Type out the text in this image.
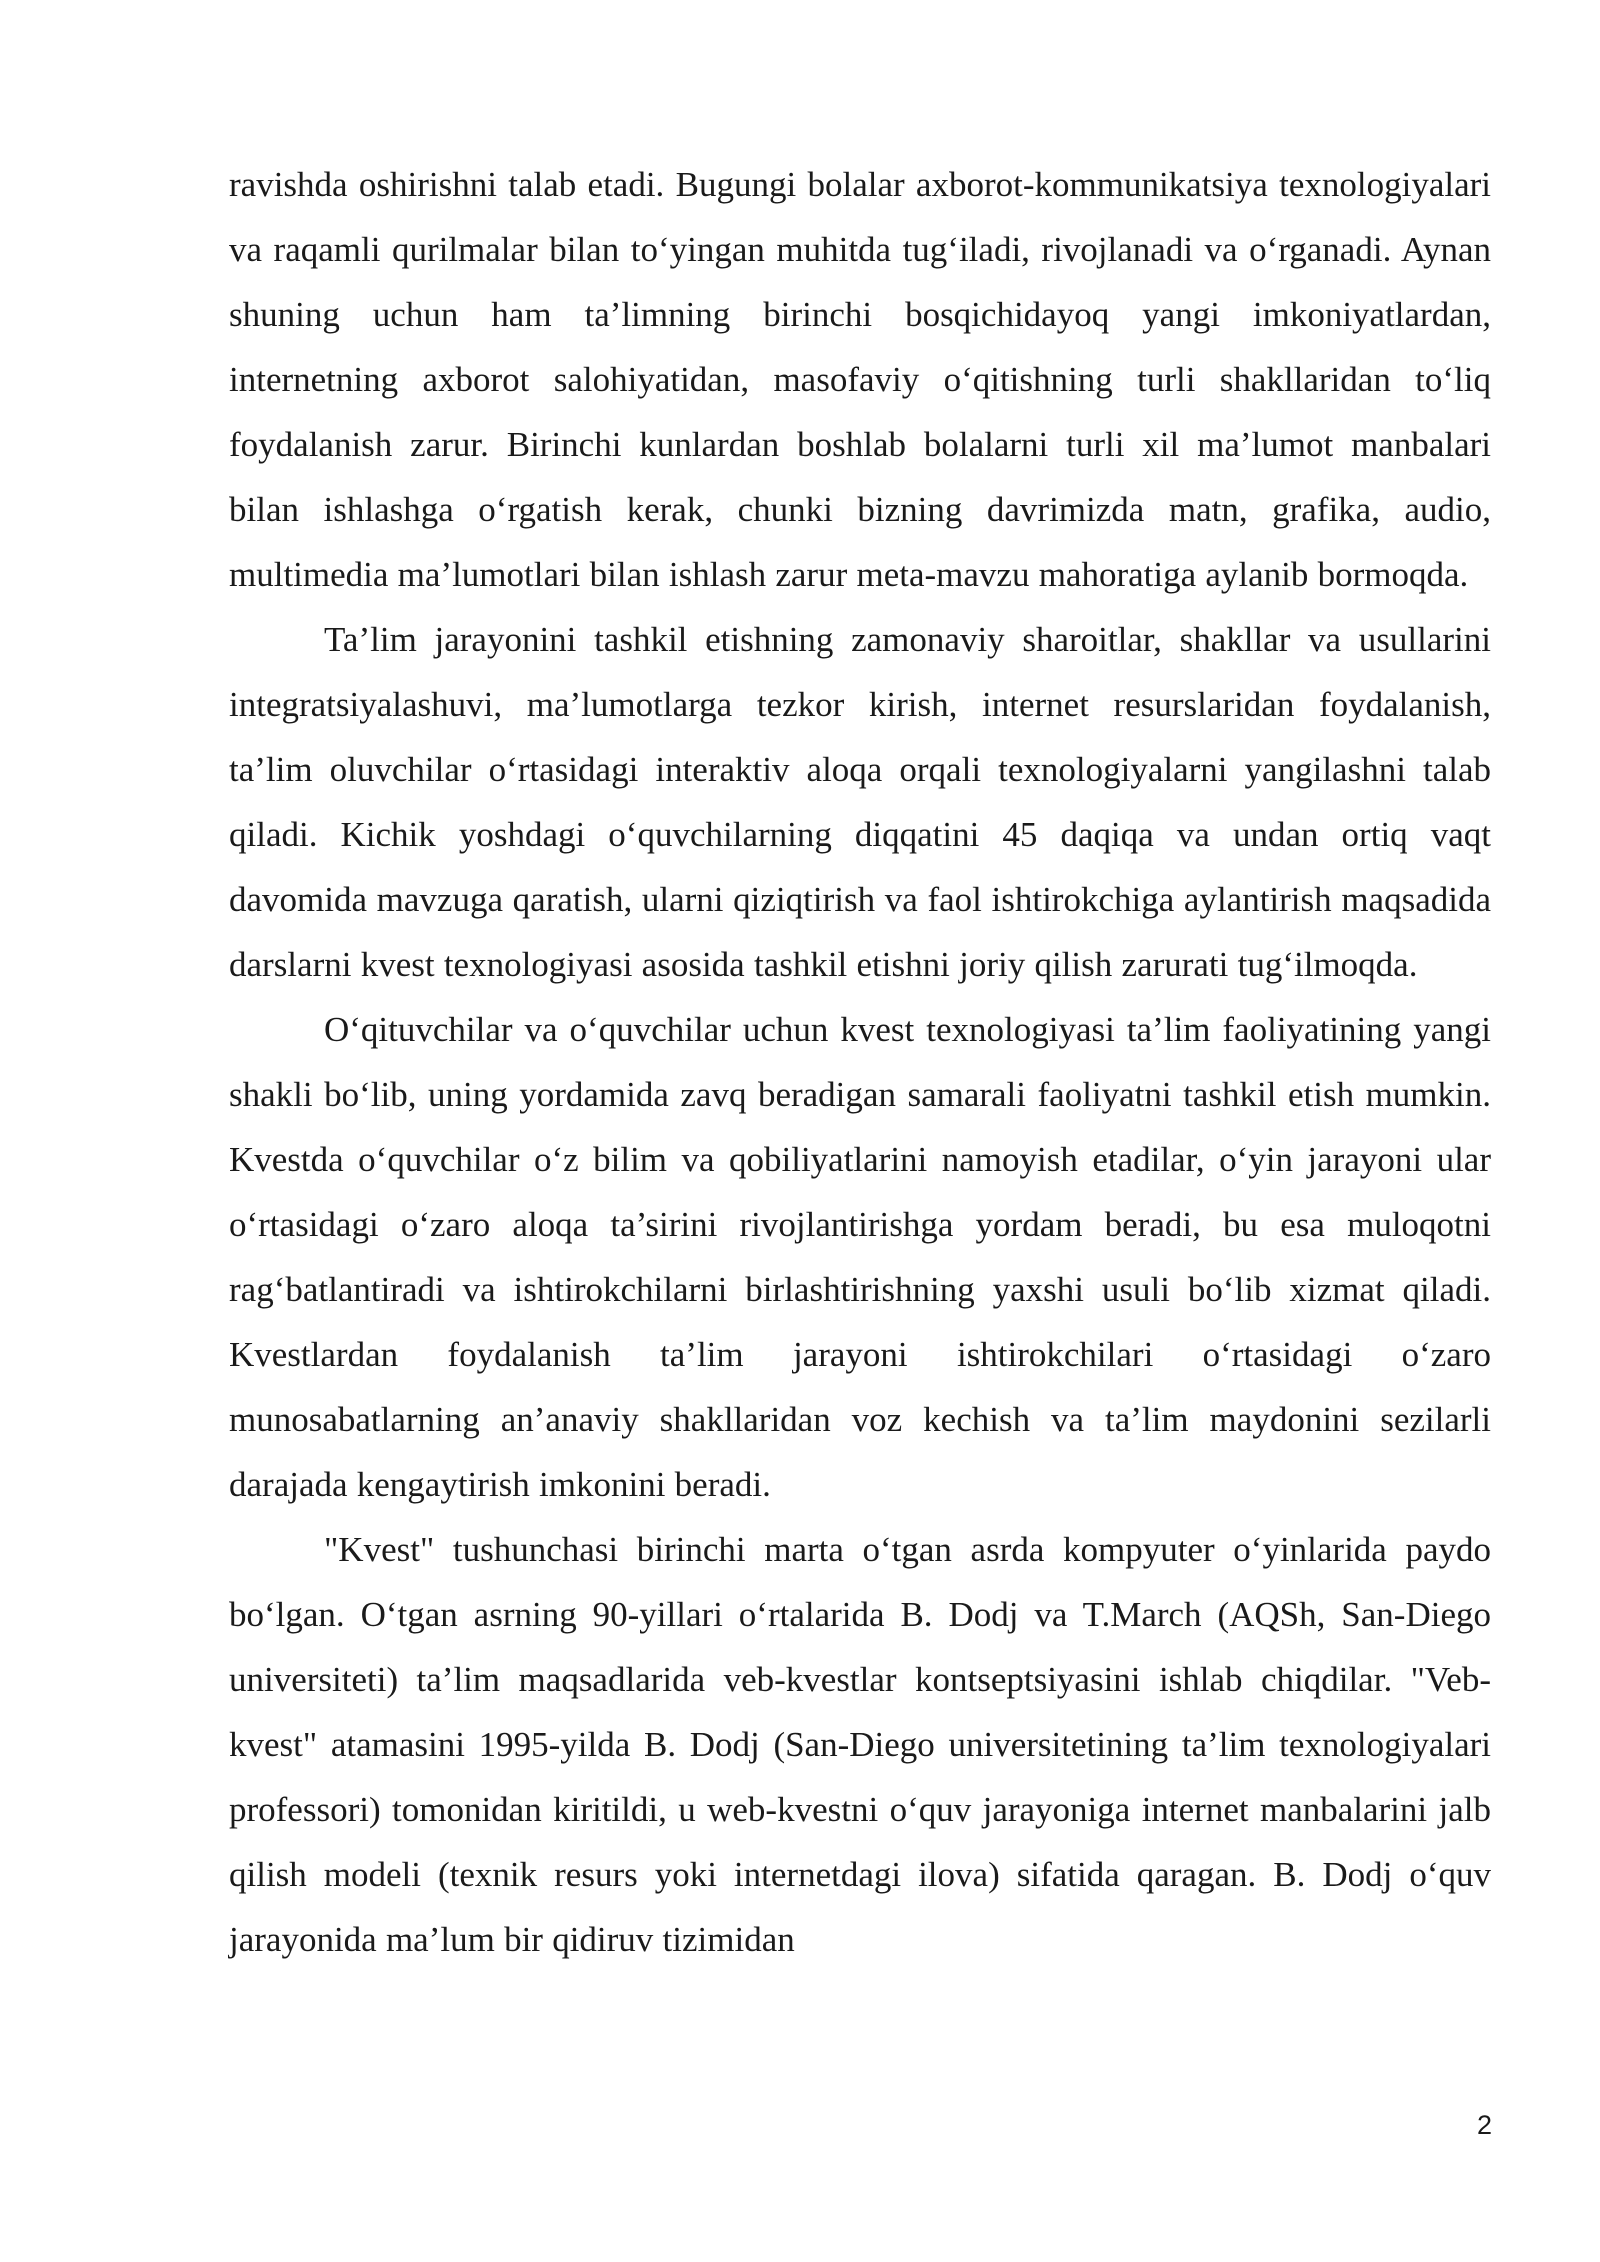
ravishda oshirishni talab etadi. Bugungi bolalar axborot-kommunikatsiya texnologiyalari va raqamli qurilmalar bilan to‘yingan muhitda tug‘iladi, rivojlanadi va o‘rganadi. Aynan shuning uchun ham ta’limning birinchi bosqichidayoq yangi imkoniyatlardan, internetning axborot salohiyatidan, masofaviy o‘qitishning turli shakllaridan to‘liq foydalanish zarur. Birinchi kunlardan boshlab bolalarni turli xil ma’lumot manbalari bilan ishlashga o‘rgatish kerak, chunki bizning davrimizda matn, grafika, audio, multimedia ma’lumotlari bilan ishlash zarur meta-mavzu mahoratiga aylanib bormoqda.

Ta’lim jarayonini tashkil etishning zamonaviy sharoitlar, shakllar va usullarini integratsiyalashuvi, ma’lumotlarga tezkor kirish, internet resurslaridan foydalanish, ta’lim oluvchilar o‘rtasidagi interaktiv aloqa orqali texnologiyalarni yangilashni talab qiladi. Kichik yoshdagi o‘quvchilarning diqqatini 45 daqiqa va undan ortiq vaqt davomida mavzuga qaratish, ularni qiziqtirish va faol ishtirokchiga aylantirish maqsadida darslarni kvest texnologiyasi asosida tashkil etishni joriy qilish zarurati tug‘ilmoqda.

O‘qituvchilar va o‘quvchilar uchun kvest texnologiyasi ta’lim faoliyatining yangi shakli bo‘lib, uning yordamida zavq beradigan samarali faoliyatni tashkil etish mumkin. Kvestda o‘quvchilar o‘z bilim va qobiliyatlarini namoyish etadilar, o‘yin jarayoni ular o‘rtasidagi o‘zaro aloqa ta’sirini rivojlantirishga yordam beradi, bu esa muloqotni rag‘batlantiradi va ishtirokchilarni birlashtirishning yaxshi usuli bo‘lib xizmat qiladi. Kvestlardan foydalanish ta’lim jarayoni ishtirokchilari o‘rtasidagi o‘zaro munosabatlarning an’anaviy shakllaridan voz kechish va ta’lim maydonini sezilarli darajada kengaytirish imkonini beradi.

"Kvest" tushunchasi birinchi marta o‘tgan asrda kompyuter o‘yinlarida paydo bo‘lgan. O‘tgan asrning 90-yillari o‘rtalarida B. Dodj va T.March (AQSh, San-Diego universiteti) ta’lim maqsadlarida veb-kvestlar kontseptsiyasini ishlab chiqdilar. "Veb-kvest" atamasini 1995-yilda B. Dodj (San-Diego universitetining ta’lim texnologiyalari professori) tomonidan kiritildi, u web-kvestni o‘quv jarayoniga internet manbalarini jalb qilish modeli (texnik resurs yoki internetdagi ilova) sifatida qaragan. B. Dodj o‘quv jarayonida ma’lum bir qidiruv tizimidan

2
